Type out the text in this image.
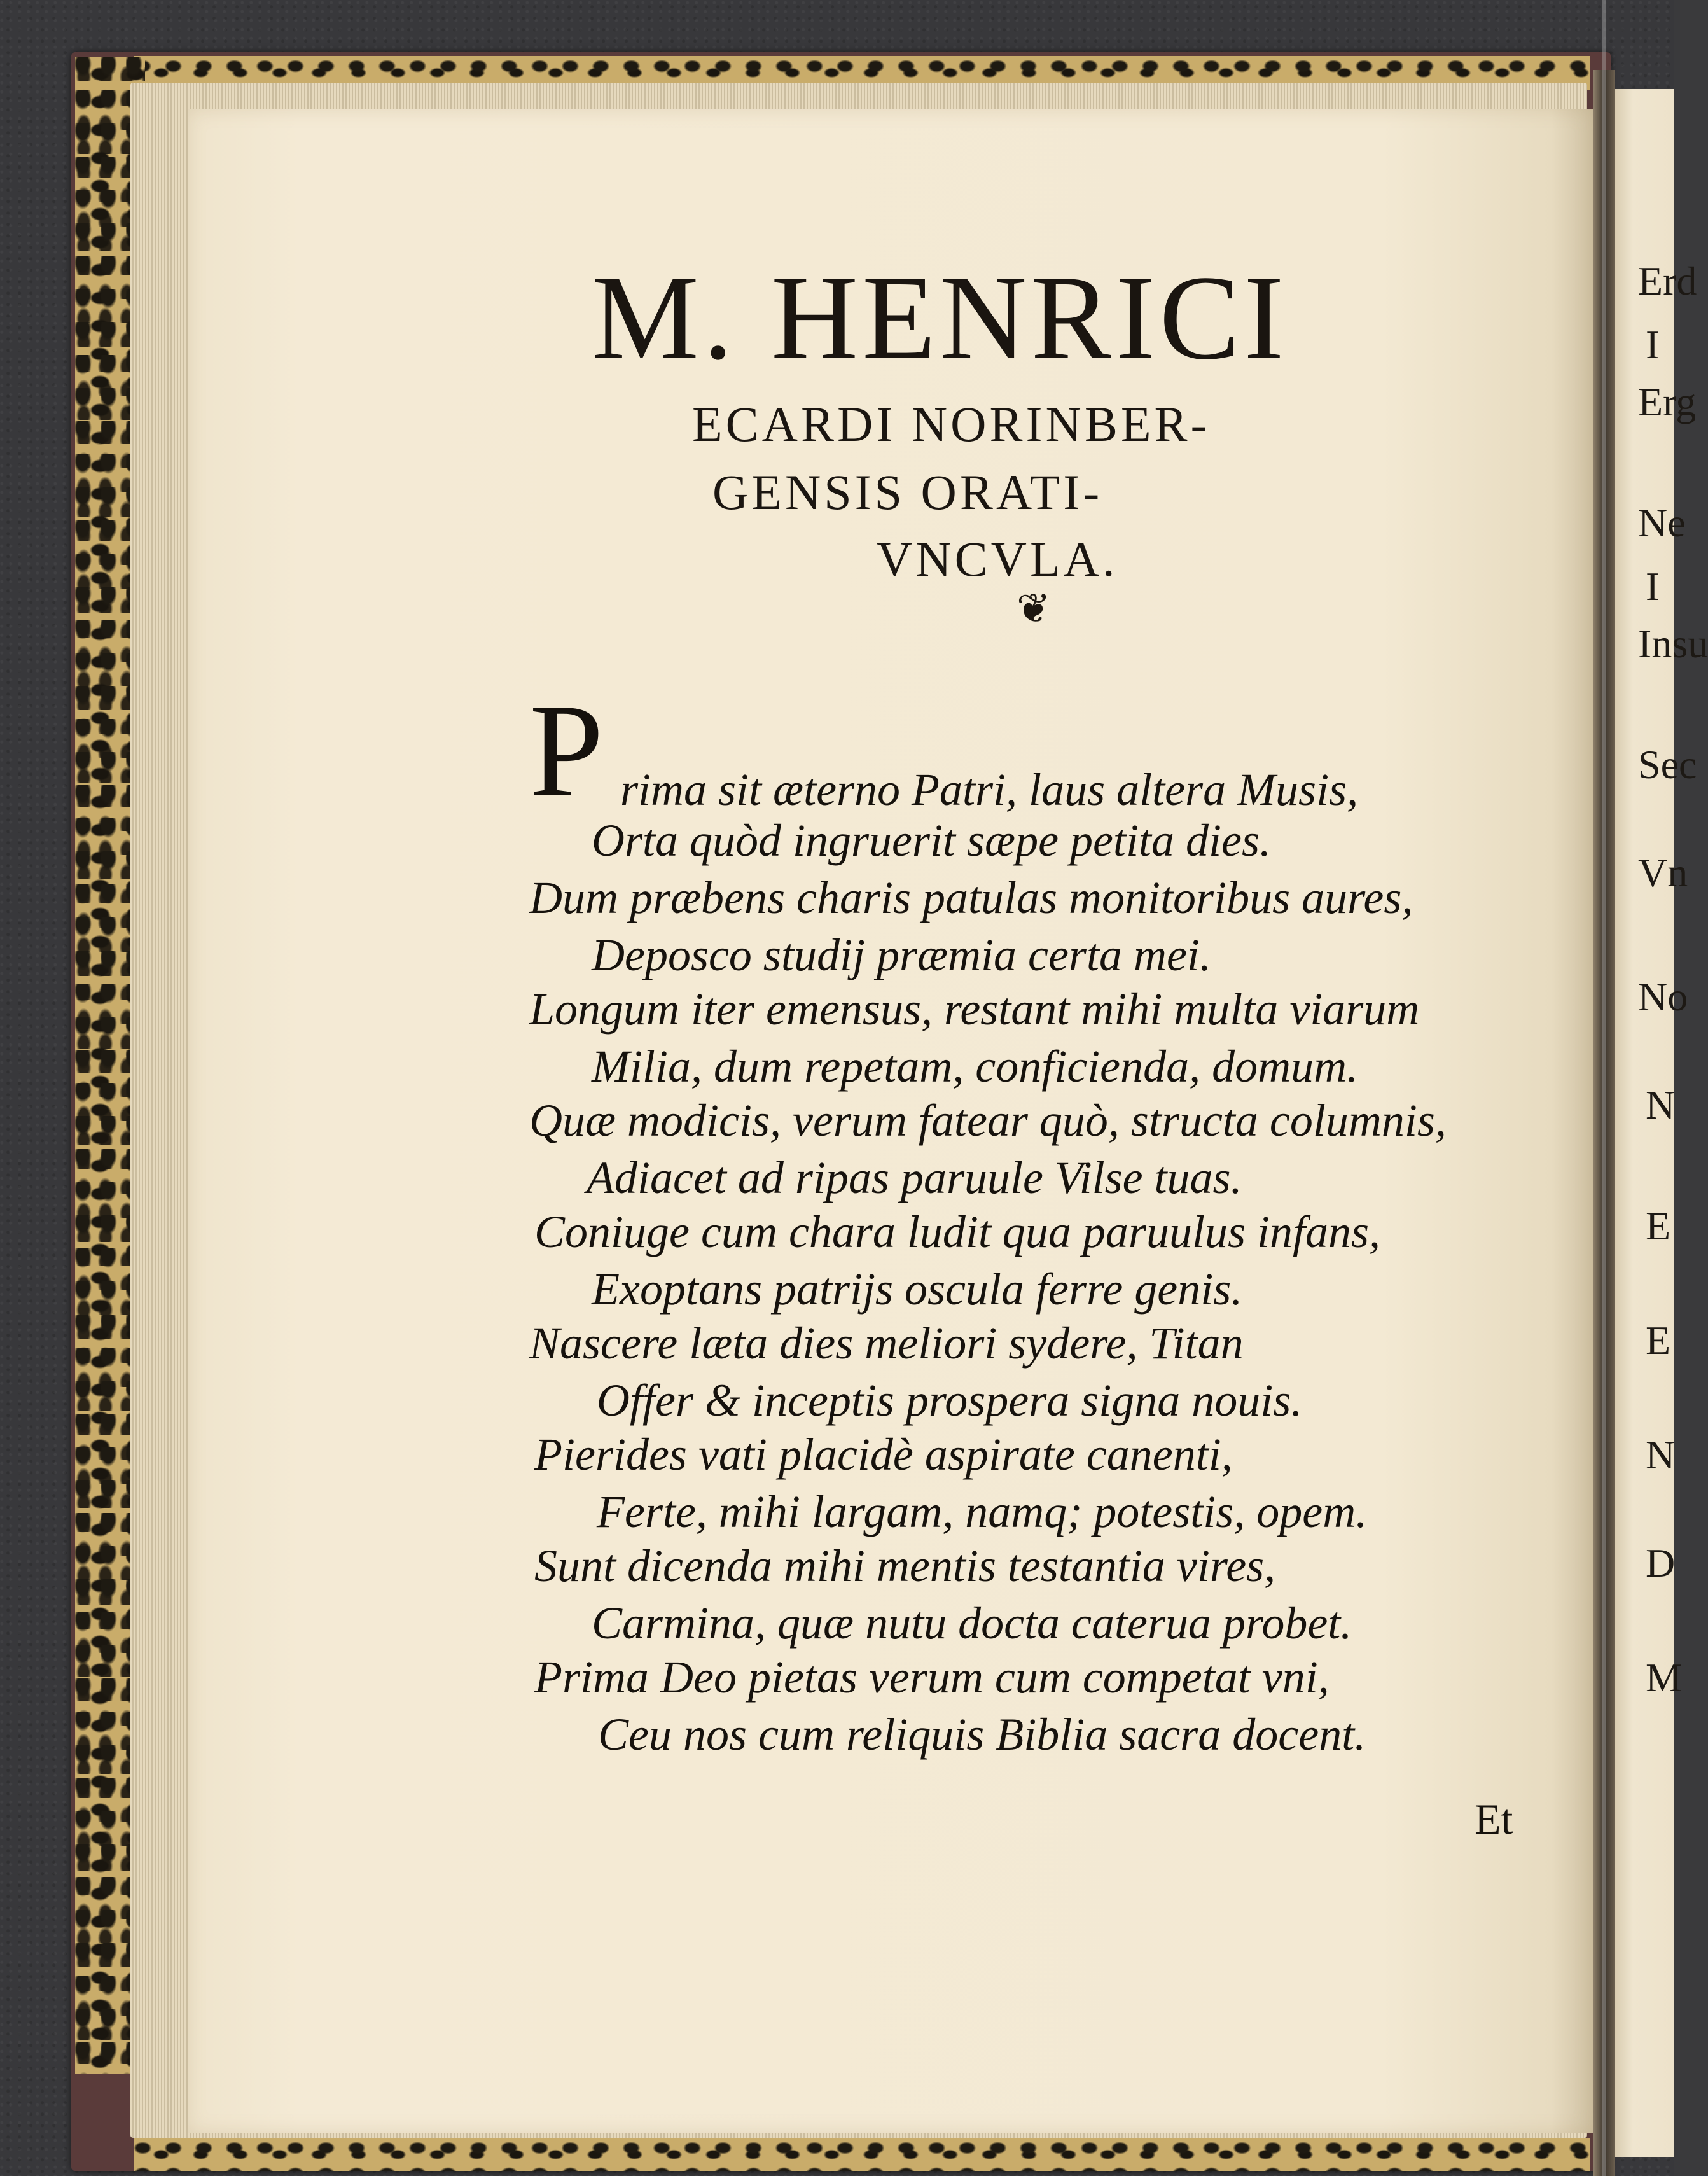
M. HENRICI
ECARDI NORINBER-
GENSIS ORATI-
VNCVLA.
❦
P rima sit æterno Patri, laus altera Musis,
Orta quòd ingruerit sæpe petita dies.
Dum præbens charis patulas monitoribus aures,
Deposco studij præmia certa mei.
Longum iter emensus, restant mihi multa viarum
Milia, dum repetam, conficienda, domum.
Quæ modicis, verum fatear quò, structa columnis,
Adiacet ad ripas paruule Vilse tuas.
Coniuge cum chara ludit qua paruulus infans,
Exoptans patrijs oscula ferre genis.
Nascere læta dies meliori sydere, Titan
Offer & inceptis prospera signa nouis.
Pierides vati placidè aspirate canenti,
Ferte, mihi largam, namq; potestis, opem.
Sunt dicenda mihi mentis testantia vires,
Carmina, quæ nutu docta caterua probet.
Prima Deo pietas verum cum competat vni,
Ceu nos cum reliquis Biblia sacra docent.
Et
Erd
I
Erg
Ne
I
Insu
Sec
Vn
No
N
E
E
N
D
M
